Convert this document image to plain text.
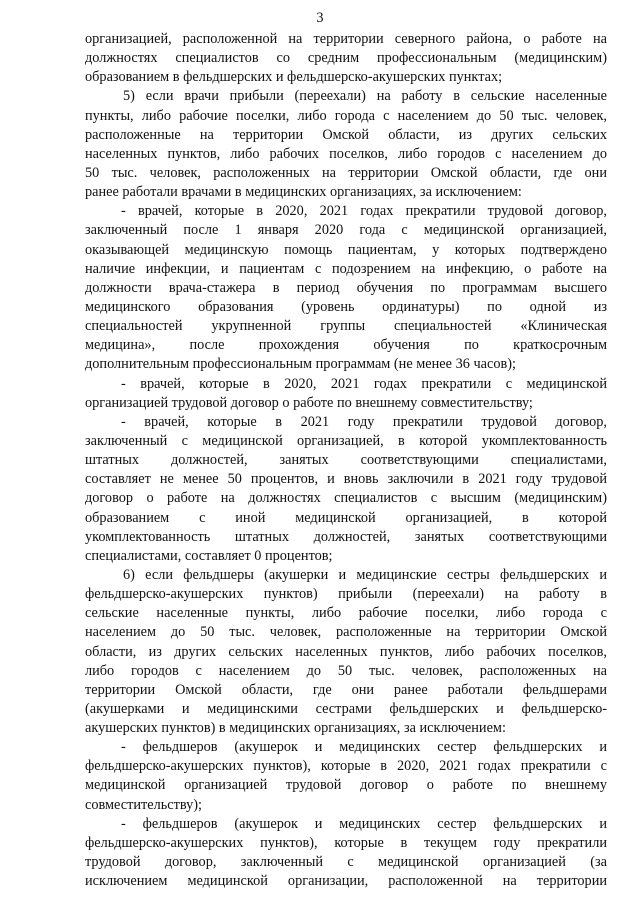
3
организацией, расположенной на территории северного района, о работе на
должностях специалистов со средним профессиональным (медицинским)
образованием в фельдшерских и фельдшерско-акушерских пунктах;
5) если врачи прибыли (переехали) на работу в сельские населенные
пункты, либо рабочие поселки, либо города с населением до 50 тыс. человек,
расположенные на территории Омской области, из других сельских
населенных пунктов, либо рабочих поселков, либо городов с населением до
50 тыс. человек, расположенных на территории Омской области, где они
ранее работали врачами в медицинских организациях, за исключением:
- врачей, которые в 2020, 2021 годах прекратили трудовой договор,
заключенный после 1 января 2020 года с медицинской организацией,
оказывающей медицинскую помощь пациентам, у которых подтверждено
наличие инфекции, и пациентам с подозрением на инфекцию, о работе на
должности врача-стажера в период обучения по программам высшего
медицинского образования (уровень ординатуры) по одной из
специальностей укрупненной группы специальностей «Клиническая
медицина», после прохождения обучения по краткосрочным
дополнительным профессиональным программам (не менее 36 часов);
- врачей, которые в 2020, 2021 годах прекратили с медицинской
организацией трудовой договор о работе по внешнему совместительству;
- врачей, которые в 2021 году прекратили трудовой договор,
заключенный с медицинской организацией, в которой укомплектованность
штатных должностей, занятых соответствующими специалистами,
составляет не менее 50 процентов, и вновь заключили в 2021 году трудовой
договор о работе на должностях специалистов с высшим (медицинским)
образованием с иной медицинской организацией, в которой
укомплектованность штатных должностей, занятых соответствующими
специалистами, составляет 0 процентов;
6) если фельдшеры (акушерки и медицинские сестры фельдшерских и
фельдшерско-акушерских пунктов) прибыли (переехали) на работу в
сельские населенные пункты, либо рабочие поселки, либо города с
населением до 50 тыс. человек, расположенные на территории Омской
области, из других сельских населенных пунктов, либо рабочих поселков,
либо городов с населением до 50 тыс. человек, расположенных на
территории Омской области, где они ранее работали фельдшерами
(акушерками и медицинскими сестрами фельдшерских и фельдшерско-
акушерских пунктов) в медицинских организациях, за исключением:
- фельдшеров (акушерок и медицинских сестер фельдшерских и
фельдшерско-акушерских пунктов), которые в 2020, 2021 годах прекратили с
медицинской организацией трудовой договор о работе по внешнему
совместительству);
- фельдшеров (акушерок и медицинских сестер фельдшерских и
фельдшерско-акушерских пунктов), которые в текущем году прекратили
трудовой договор, заключенный с медицинской организацией (за
исключением медицинской организации, расположенной на территории
